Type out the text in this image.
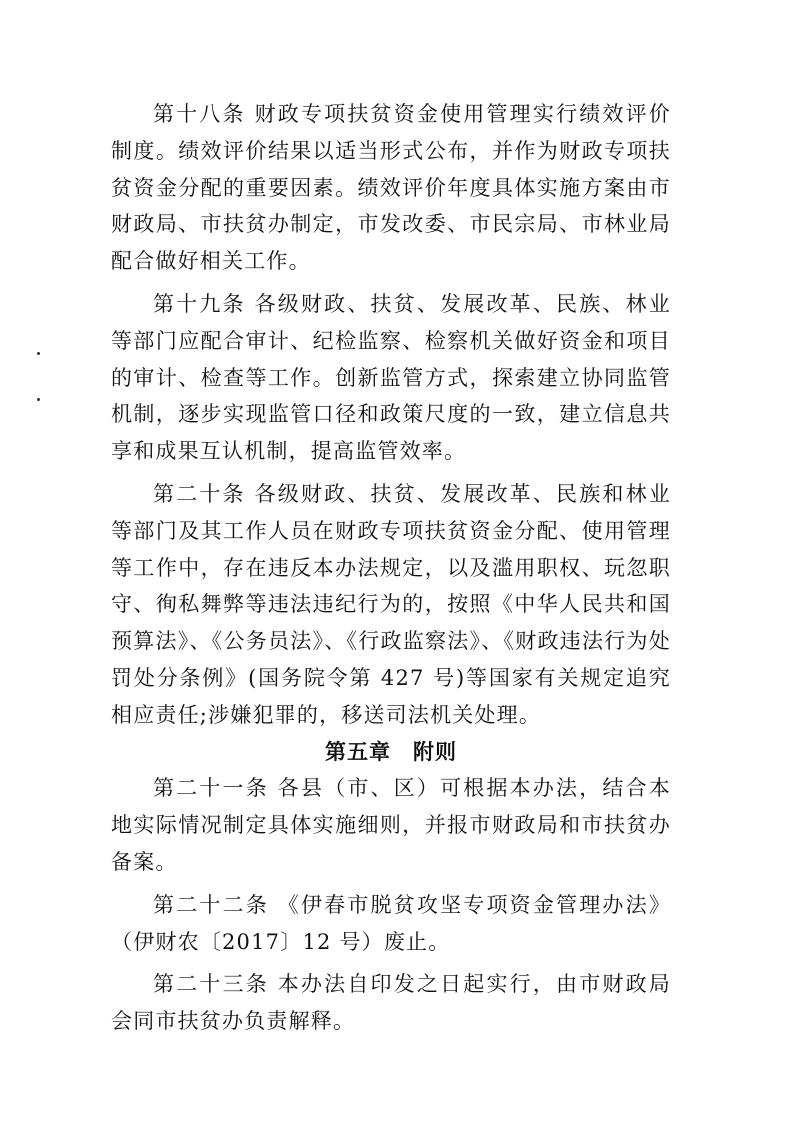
第十八条 财政专项扶贫资金使用管理实行绩效评价制度。绩效评价结果以适当形式公布，并作为财政专项扶贫资金分配的重要因素。绩效评价年度具体实施方案由市财政局、市扶贫办制定，市发改委、市民宗局、市林业局配合做好相关工作。

第十九条 各级财政、扶贫、发展改革、民族、林业等部门应配合审计、纪检监察、检察机关做好资金和项目的审计、检查等工作。创新监管方式，探索建立协同监管机制，逐步实现监管口径和政策尺度的一致，建立信息共享和成果互认机制，提高监管效率。

第二十条 各级财政、扶贫、发展改革、民族和林业等部门及其工作人员在财政专项扶贫资金分配、使用管理等工作中，存在违反本办法规定，以及滥用职权、玩忽职守、徇私舞弊等违法违纪行为的，按照《中华人民共和国预算法》、《公务员法》、《行政监察法》、《财政违法行为处罚处分条例》(国务院令第 427 号)等国家有关规定追究相应责任;涉嫌犯罪的，移送司法机关处理。

第五章　附则

第二十一条 各县（市、区）可根据本办法，结合本地实际情况制定具体实施细则，并报市财政局和市扶贫办备案。

第二十二条 《伊春市脱贫攻坚专项资金管理办法》（伊财农〔2017〕12 号）废止。

第二十三条 本办法自印发之日起实行，由市财政局会同市扶贫办负责解释。
